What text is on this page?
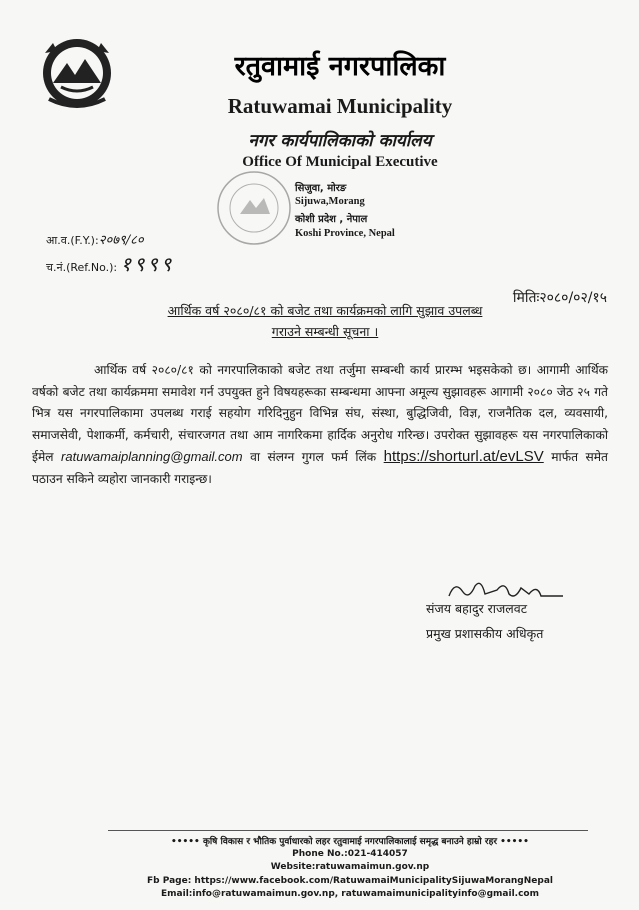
रतुवामाई नगरपालिका
Ratuwamai Municipality
नगर कार्यपालिकाको कार्यालय
Office Of Municipal Executive
सिजुवा, मोरङ
Sijuwa,Morang
कोशी प्रदेश , नेपाल
Koshi Province, Nepal
आ.व.(F.Y.):२०७९/८०
च.नं.(Ref.No.): १९९९
मितिः२०८०/०२/१५
आर्थिक वर्ष २०८०/८१ को बजेट तथा कार्यक्रमको लागि सुझाव उपलब्ध
गराउने सम्बन्धी सूचना ।
आर्थिक वर्ष २०८०/८१ को नगरपालिकाको बजेट तथा तर्जुमा सम्बन्धी कार्य प्रारम्भ भइसकेको छ। आगामी आर्थिक वर्षको बजेट तथा कार्यक्रममा समावेश गर्न उपयुक्त हुने विषयहरूका सम्बन्धमा आफ्ना अमूल्य सुझावहरू आगामी २०८० जेठ २५ गते भित्र यस नगरपालिकामा उपलब्ध गराई सहयोग गरिदिनुहुन विभिन्न संघ, संस्था, बुद्धिजिवी, विज्ञ, राजनैतिक दल, व्यवसायी, समाजसेवी, पेशाकर्मी, कर्मचारी, संचारजगत तथा आम नागरिकमा हार्दिक अनुरोध गरिन्छ। उपरोक्त सुझावहरू यस नगरपालिकाको ईमेल ratuwamaiplanning@gmail.com वा संलग्न गुगल फर्म लिंक https://shorturl.at/evLSV मार्फत समेत पठाउन सकिने व्यहोरा जानकारी गराइन्छ।
संजय बहादुर राजलवट
प्रमुख प्रशासकीय अधिकृत
••••• कृषि विकास र भौतिक पुर्वाधारको लहर रतुवामाई नगरपालिकालाई समृद्ध बनाउने हाम्रो रहर •••••
Phone No.:021-414057
Website:ratuwamaimun.gov.np
Fb Page: https://www.facebook.com/RatuwamaiMunicipalitySijuwaMorangNepal
Email:info@ratuwamaimun.gov.np, ratuwamaimunicipalityinfo@gmail.com
